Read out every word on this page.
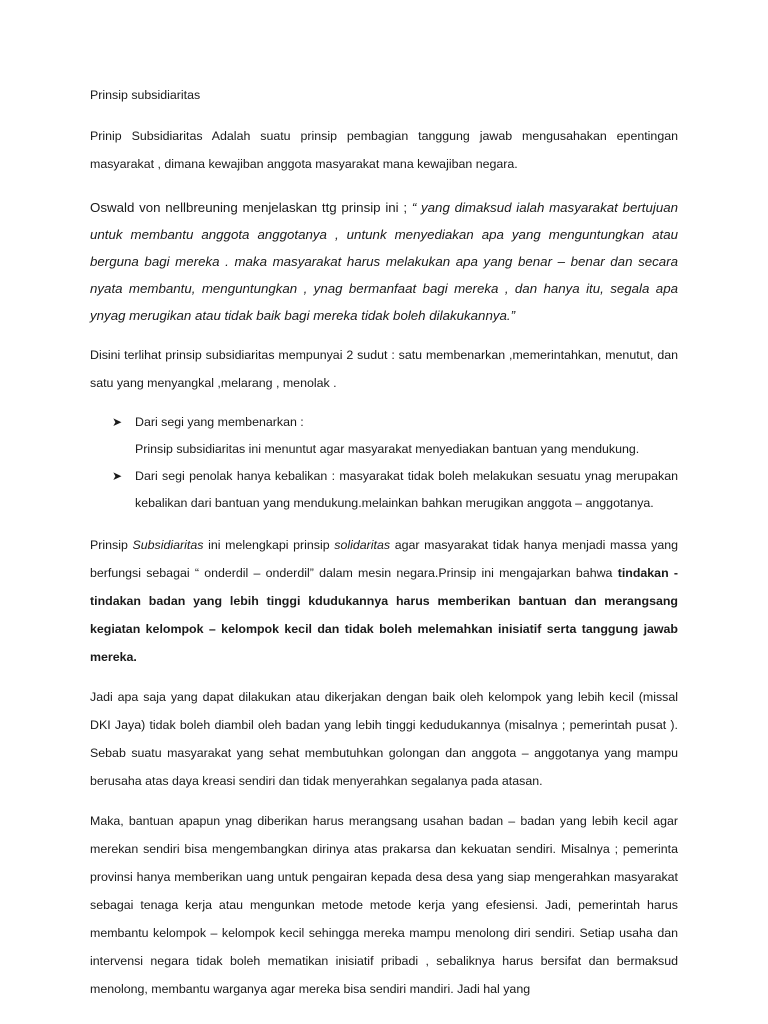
Prinsip subsidiaritas

Prinip Subsidiaritas Adalah suatu prinsip pembagian tanggung jawab mengusahakan epentingan masyarakat , dimana kewajiban anggota masyarakat mana kewajiban negara.

Oswald von nellbreuning menjelaskan ttg prinsip ini ; “ yang dimaksud ialah masyarakat bertujuan untuk membantu anggota anggotanya , untunk menyediakan apa yang menguntungkan atau berguna bagi mereka . maka masyarakat harus melakukan apa yang benar – benar dan secara nyata membantu, menguntungkan , ynag bermanfaat bagi mereka , dan hanya itu, segala apa ynyag merugikan atau tidak baik bagi mereka tidak boleh dilakukannya.”

Disini terlihat prinsip subsidiaritas mempunyai 2 sudut : satu membenarkan ,memerintahkan, menutut, dan satu yang menyangkal ,melarang , menolak .

➤ Dari segi yang membenarkan :
Prinsip subsidiaritas ini menuntut agar masyarakat menyediakan bantuan yang mendukung.
➤ Dari segi penolak hanya kebalikan : masyarakat tidak boleh melakukan sesuatu ynag merupakan kebalikan dari bantuan yang mendukung.melainkan bahkan merugikan anggota – anggotanya.

Prinsip Subsidiaritas ini melengkapi prinsip solidaritas agar masyarakat tidak hanya menjadi massa yang berfungsi sebagai “ onderdil – onderdil” dalam mesin negara.Prinsip ini mengajarkan bahwa tindakan - tindakan badan yang lebih tinggi kdudukannya harus memberikan bantuan dan merangsang kegiatan kelompok – kelompok kecil dan tidak boleh melemahkan inisiatif serta tanggung jawab mereka.

Jadi apa saja yang dapat dilakukan atau dikerjakan dengan baik oleh kelompok yang lebih kecil (missal DKI Jaya) tidak boleh diambil oleh badan yang lebih tinggi kedudukannya (misalnya ; pemerintah pusat ). Sebab suatu masyarakat yang sehat membutuhkan golongan dan anggota – anggotanya yang mampu berusaha atas daya kreasi sendiri dan tidak menyerahkan segalanya pada atasan.

Maka, bantuan apapun ynag diberikan harus merangsang usahan badan – badan yang lebih kecil agar merekan sendiri bisa mengembangkan dirinya atas prakarsa dan kekuatan sendiri. Misalnya ; pemerinta provinsi hanya memberikan uang untuk pengairan kepada desa desa yang siap mengerahkan masyarakat sebagai tenaga kerja atau mengunkan metode metode kerja yang efesiensi. Jadi, pemerintah harus membantu kelompok – kelompok kecil sehingga mereka mampu menolong diri sendiri. Setiap usaha dan intervensi negara tidak boleh mematikan inisiatif pribadi , sebaliknya harus bersifat dan bermaksud menolong, membantu warganya agar mereka bisa sendiri mandiri. Jadi hal yang
